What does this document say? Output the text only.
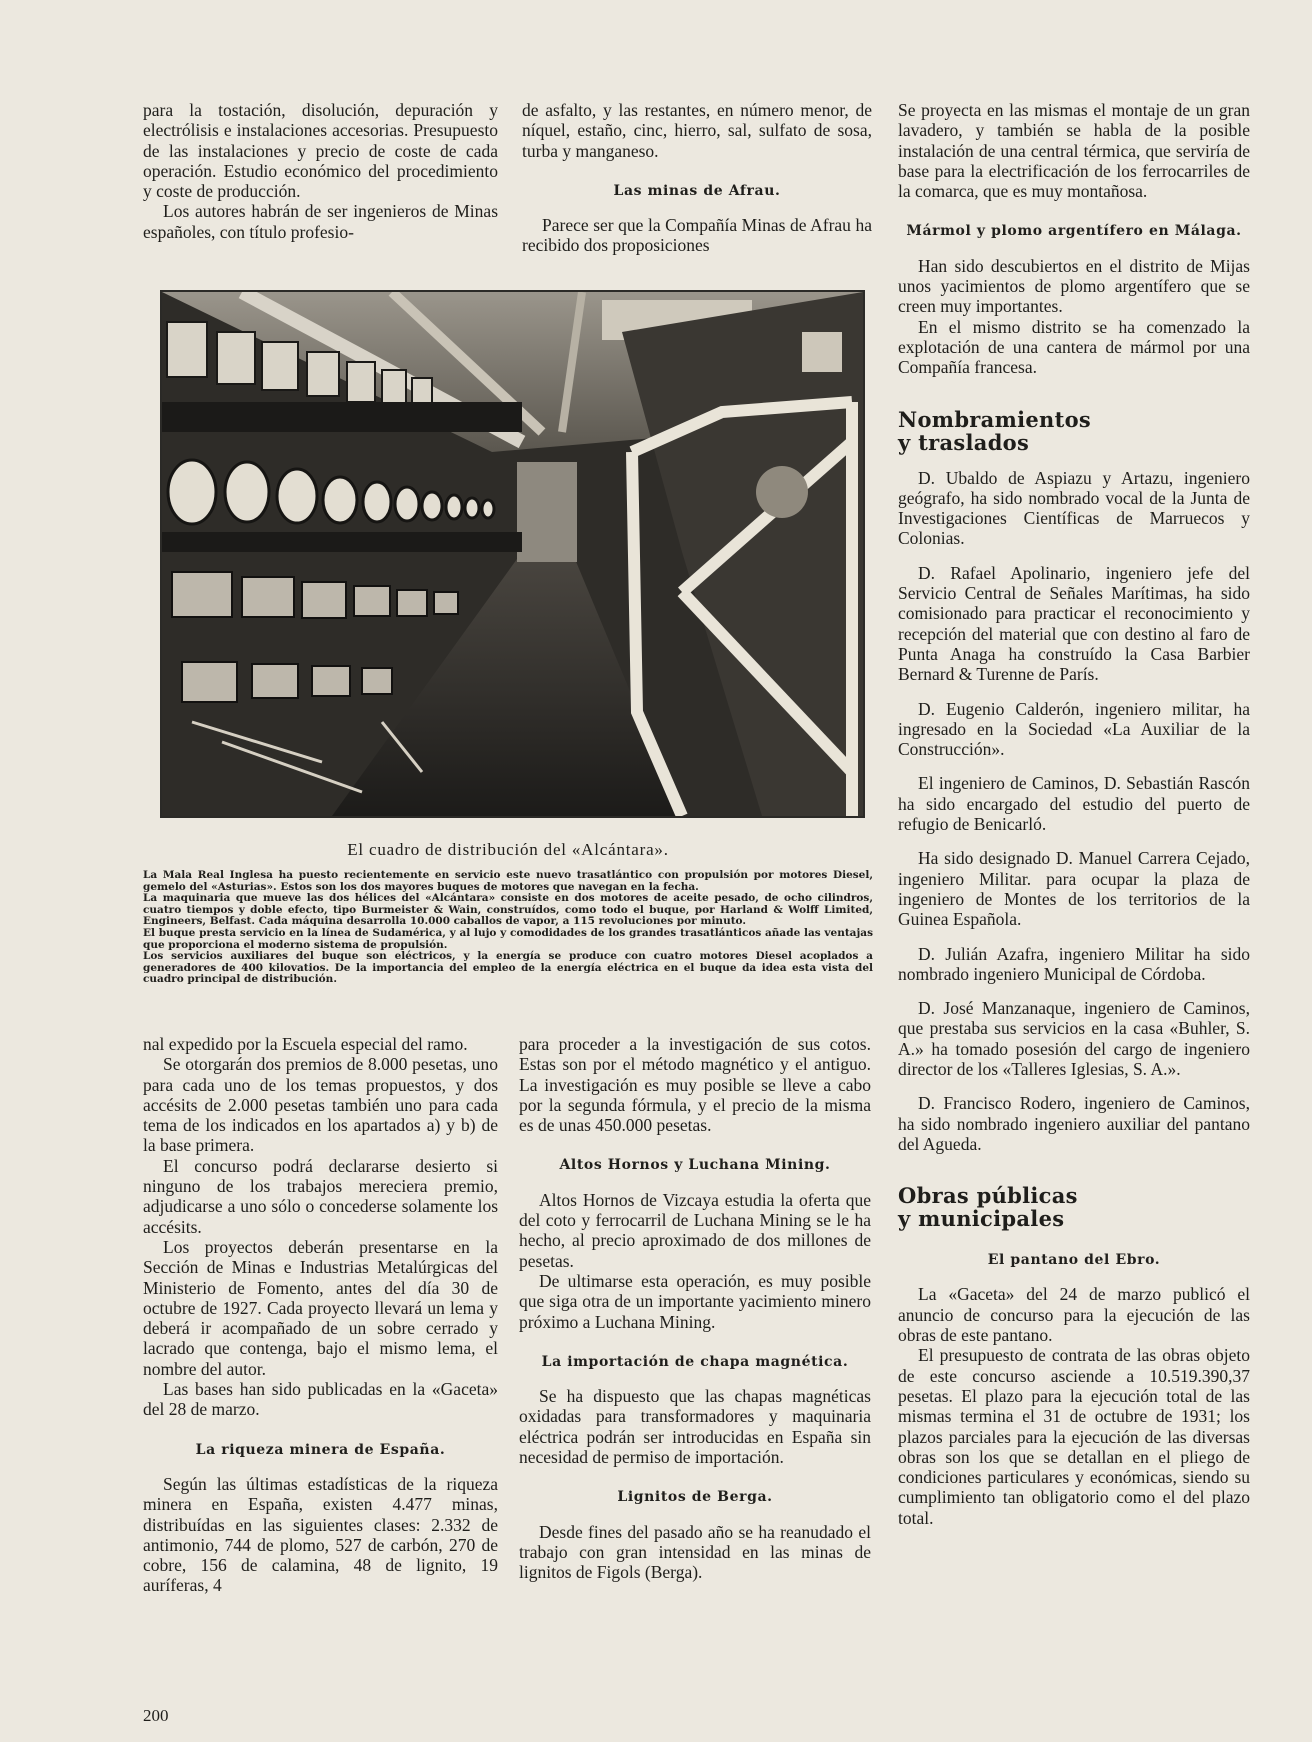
para la tostación, disolución, depuración y electrólisis e instalaciones accesorias. Presupuesto de las instalaciones y precio de coste de cada operación. Estudio económico del procedimiento y coste de producción.

Los autores habrán de ser ingenieros de Minas españoles, con título profesio-

de asfalto, y las restantes, en número menor, de níquel, estaño, cinc, hierro, sal, sulfato de sosa, turba y manganeso.

Las minas de Afrau.

Parece ser que la Compañía Minas de Afrau ha recibido dos proposiciones

El cuadro de distribución del «Alcántara».

La Mala Real Inglesa ha puesto recientemente en servicio este nuevo trasatlántico con propulsión por motores Diesel, gemelo del «Asturias». Estos son los dos mayores buques de motores que navegan en la fecha.

La maquinaria que mueve las dos hélices del «Alcántara» consiste en dos motores de aceite pesado, de ocho cilindros, cuatro tiempos y doble efecto, tipo Burmeister & Wain, construídos, como todo el buque, por Harland & Wolff Limited, Engineers, Belfast. Cada máquina desarrolla 10.000 caballos de vapor, a 115 revoluciones por minuto.

El buque presta servicio en la línea de Sudamérica, y al lujo y comodidades de los grandes trasatlánticos añade las ventajas que proporciona el moderno sistema de propulsión.

Los servicios auxiliares del buque son eléctricos, y la energía se produce con cuatro motores Diesel acoplados a generadores de 400 kilovatios. De la importancia del empleo de la energía eléctrica en el buque da idea esta vista del cuadro principal de distribución.

nal expedido por la Escuela especial del ramo.

Se otorgarán dos premios de 8.000 pesetas, uno para cada uno de los temas propuestos, y dos accésits de 2.000 pesetas también uno para cada tema de los indicados en los apartados a) y b) de la base primera.

El concurso podrá declararse desierto si ninguno de los trabajos mereciera premio, adjudicarse a uno sólo o concederse solamente los accésits.

Los proyectos deberán presentarse en la Sección de Minas e Industrias Metalúrgicas del Ministerio de Fomento, antes del día 30 de octubre de 1927. Cada proyecto llevará un lema y deberá ir acompañado de un sobre cerrado y lacrado que contenga, bajo el mismo lema, el nombre del autor.

Las bases han sido publicadas en la «Gaceta» del 28 de marzo.

La riqueza minera de España.

Según las últimas estadísticas de la riqueza minera en España, existen 4.477 minas, distribuídas en las siguientes clases: 2.332 de antimonio, 744 de plomo, 527 de carbón, 270 de cobre, 156 de calamina, 48 de lignito, 19 auríferas, 4

para proceder a la investigación de sus cotos. Estas son por el método magnético y el antiguo. La investigación es muy posible se lleve a cabo por la segunda fórmula, y el precio de la misma es de unas 450.000 pesetas.

Altos Hornos y Luchana Mining.

Altos Hornos de Vizcaya estudia la oferta que del coto y ferrocarril de Luchana Mining se le ha hecho, al precio aproximado de dos millones de pesetas.

De ultimarse esta operación, es muy posible que siga otra de un importante yacimiento minero próximo a Luchana Mining.

La importación de chapa magnética.

Se ha dispuesto que las chapas magnéticas oxidadas para transformadores y maquinaria eléctrica podrán ser introducidas en España sin necesidad de permiso de importación.

Lignitos de Berga.

Desde fines del pasado año se ha reanudado el trabajo con gran intensidad en las minas de lignitos de Figols (Berga).

Se proyecta en las mismas el montaje de un gran lavadero, y también se habla de la posible instalación de una central térmica, que serviría de base para la electrificación de los ferrocarriles de la comarca, que es muy montañosa.

Mármol y plomo argentífero en Málaga.

Han sido descubiertos en el distrito de Mijas unos yacimientos de plomo argentífero que se creen muy importantes.

En el mismo distrito se ha comenzado la explotación de una cantera de mármol por una Compañía francesa.

Nombramientos
y traslados

D. Ubaldo de Aspiazu y Artazu, ingeniero geógrafo, ha sido nombrado vocal de la Junta de Investigaciones Científicas de Marruecos y Colonias.

D. Rafael Apolinario, ingeniero jefe del Servicio Central de Señales Marítimas, ha sido comisionado para practicar el reconocimiento y recepción del material que con destino al faro de Punta Anaga ha construído la Casa Barbier Bernard & Turenne de París.

D. Eugenio Calderón, ingeniero militar, ha ingresado en la Sociedad «La Auxiliar de la Construcción».

El ingeniero de Caminos, D. Sebastián Rascón ha sido encargado del estudio del puerto de refugio de Benicarló.

Ha sido designado D. Manuel Carrera Cejado, ingeniero Militar. para ocupar la plaza de ingeniero de Montes de los territorios de la Guinea Española.

D. Julián Azafra, ingeniero Militar ha sido nombrado ingeniero Municipal de Córdoba.

D. José Manzanaque, ingeniero de Caminos, que prestaba sus servicios en la casa «Buhler, S. A.» ha tomado posesión del cargo de ingeniero director de los «Talleres Iglesias, S. A.».

D. Francisco Rodero, ingeniero de Caminos, ha sido nombrado ingeniero auxiliar del pantano del Agueda.

Obras públicas
y municipales
El pantano del Ebro.

La «Gaceta» del 24 de marzo publicó el anuncio de concurso para la ejecución de las obras de este pantano.

El presupuesto de contrata de las obras objeto de este concurso asciende a 10.519.390,37 pesetas. El plazo para la ejecución total de las mismas termina el 31 de octubre de 1931; los plazos parciales para la ejecución de las diversas obras son los que se detallan en el pliego de condiciones particulares y económicas, siendo su cumplimiento tan obligatorio como el del plazo total.

200
